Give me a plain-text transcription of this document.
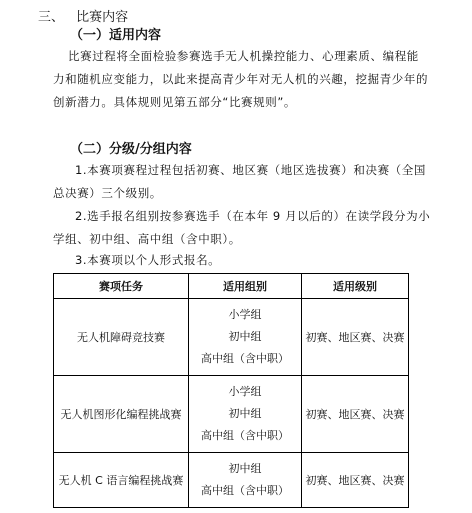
三、 比赛内容
（一）适用内容
比赛过程将全面检验参赛选手无人机操控能力、心理素质、编程能
力和随机应变能力，以此来提高青少年对无人机的兴趣，挖掘青少年的
创新潜力。具体规则见第五部分“比赛规则”。
（二）分级/分组内容
1.本赛项赛程过程包括初赛、地区赛（地区选拔赛）和决赛（全国
总决赛）三个级别。
2.选手报名组别按参赛选手（在本年 9 月以后的）在读学段分为小
学组、初中组、高中组（含中职）。
3.本赛项以个人形式报名。
赛项任务	适用组别	适用级别
无人机障碍竞技赛	小学组
初中组
高中组（含中职）	初赛、地区赛、决赛
无人机图形化编程挑战赛	小学组
初中组
高中组（含中职）	初赛、地区赛、决赛
无人机 C 语言编程挑战赛	初中组
高中组（含中职）	初赛、地区赛、决赛
